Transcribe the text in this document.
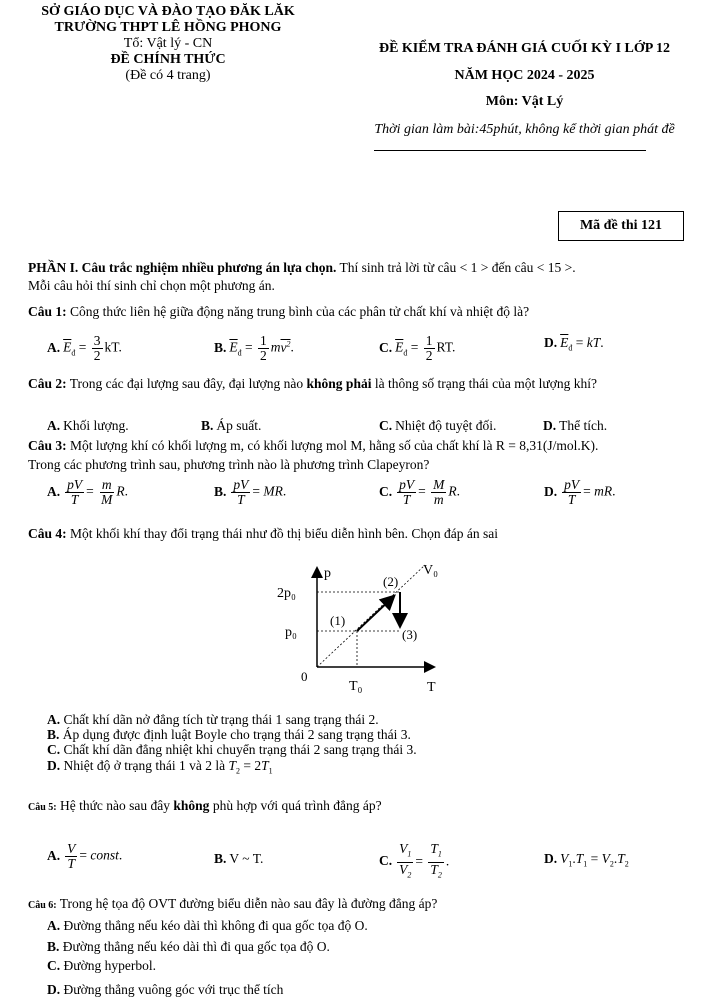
SỞ GIÁO DỤC VÀ ĐÀO TẠO ĐĂK LĂK
TRƯỜNG THPT LÊ HỒNG PHONG
Tổ: Vật lý - CN
ĐỀ CHÍNH THỨC
(Đề có 4 trang)
ĐỀ KIỂM TRA ĐÁNH GIÁ CUỐI KỲ I LỚP 12
NĂM HỌC 2024 - 2025
Môn: Vật Lý
Thời gian làm bài:45phút, không kể thời gian phát đề
Mã đề thi 121
PHẦN I. Câu trắc nghiệm nhiều phương án lựa chọn. Thí sinh trả lời từ câu < 1 > đến câu < 15 >.
Mỗi câu hỏi thí sinh chỉ chọn một phương án.
Câu 1: Công thức liên hệ giữa động năng trung bình của các phân tử chất khí và nhiệt độ là?
A. $\overline{E}_đ = \frac{3}{2}$ kT.	B. $\overline{E}_đ = \frac{1}{2} mv^2$.	C. $\overline{E}_đ = \frac{1}{2}$ RT.	D. $\overline{E}_đ$ = kT.
Câu 2: Trong các đại lượng sau đây, đại lượng nào không phải là thông số trạng thái của một lượng khí?
A. Khối lượng.	B. Áp suất.	C. Nhiệt độ tuyệt đối.	D. Thể tích.
Câu 3: Một lượng khí có khối lượng m, có khối lượng mol M, hằng số của chất khí là R = 8,31(J/mol.K).
Trong các phương trình sau, phương trình nào là phương trình Clapeyron?
A. $\frac{pV}{T} = \frac{m}{M} R$.	B. $\frac{pV}{T}$ = MR.	C. $\frac{pV}{T} = \frac{M}{m} R$.	D. $\frac{pV}{T}$ = mR.
Câu 4: Một khối khí thay đổi trạng thái như đồ thị biểu diễn hình bên. Chọn đáp án sai
p
T
0
2p₀
p₀
T₀
V₀
(1)
(2)
(3)
A. Chất khí dãn nở đẳng tích từ trạng thái 1 sang trạng thái 2.
B. Áp dụng được định luật Boyle cho trạng thái 2 sang trạng thái 3.
C. Chất khí dãn đẳng nhiệt khi chuyển trạng thái 2 sang trạng thái 3.
D. Nhiệt độ ở trạng thái 1 và 2 là $T_2 = 2T_1$
Câu 5: Hệ thức nào sau đây không phù hợp với quá trình đẳng áp?
A. $\frac{V}{T}$ = const.	B. V ~ T.	C. $\frac{V_1}{V_2} = \frac{T_1}{T_2}$ .	D. $V_1.T_1 = V_2.T_2$
Câu 6: Trong hệ tọa độ OVT đường biểu diễn nào sau đây là đường đẳng áp?
A. Đường thẳng nếu kéo dài thì không đi qua gốc tọa độ O.
B. Đường thẳng nếu kéo dài thì đi qua gốc tọa độ O.
C. Đường hyperbol.
D. Đường thẳng vuông góc với trục thể tích
